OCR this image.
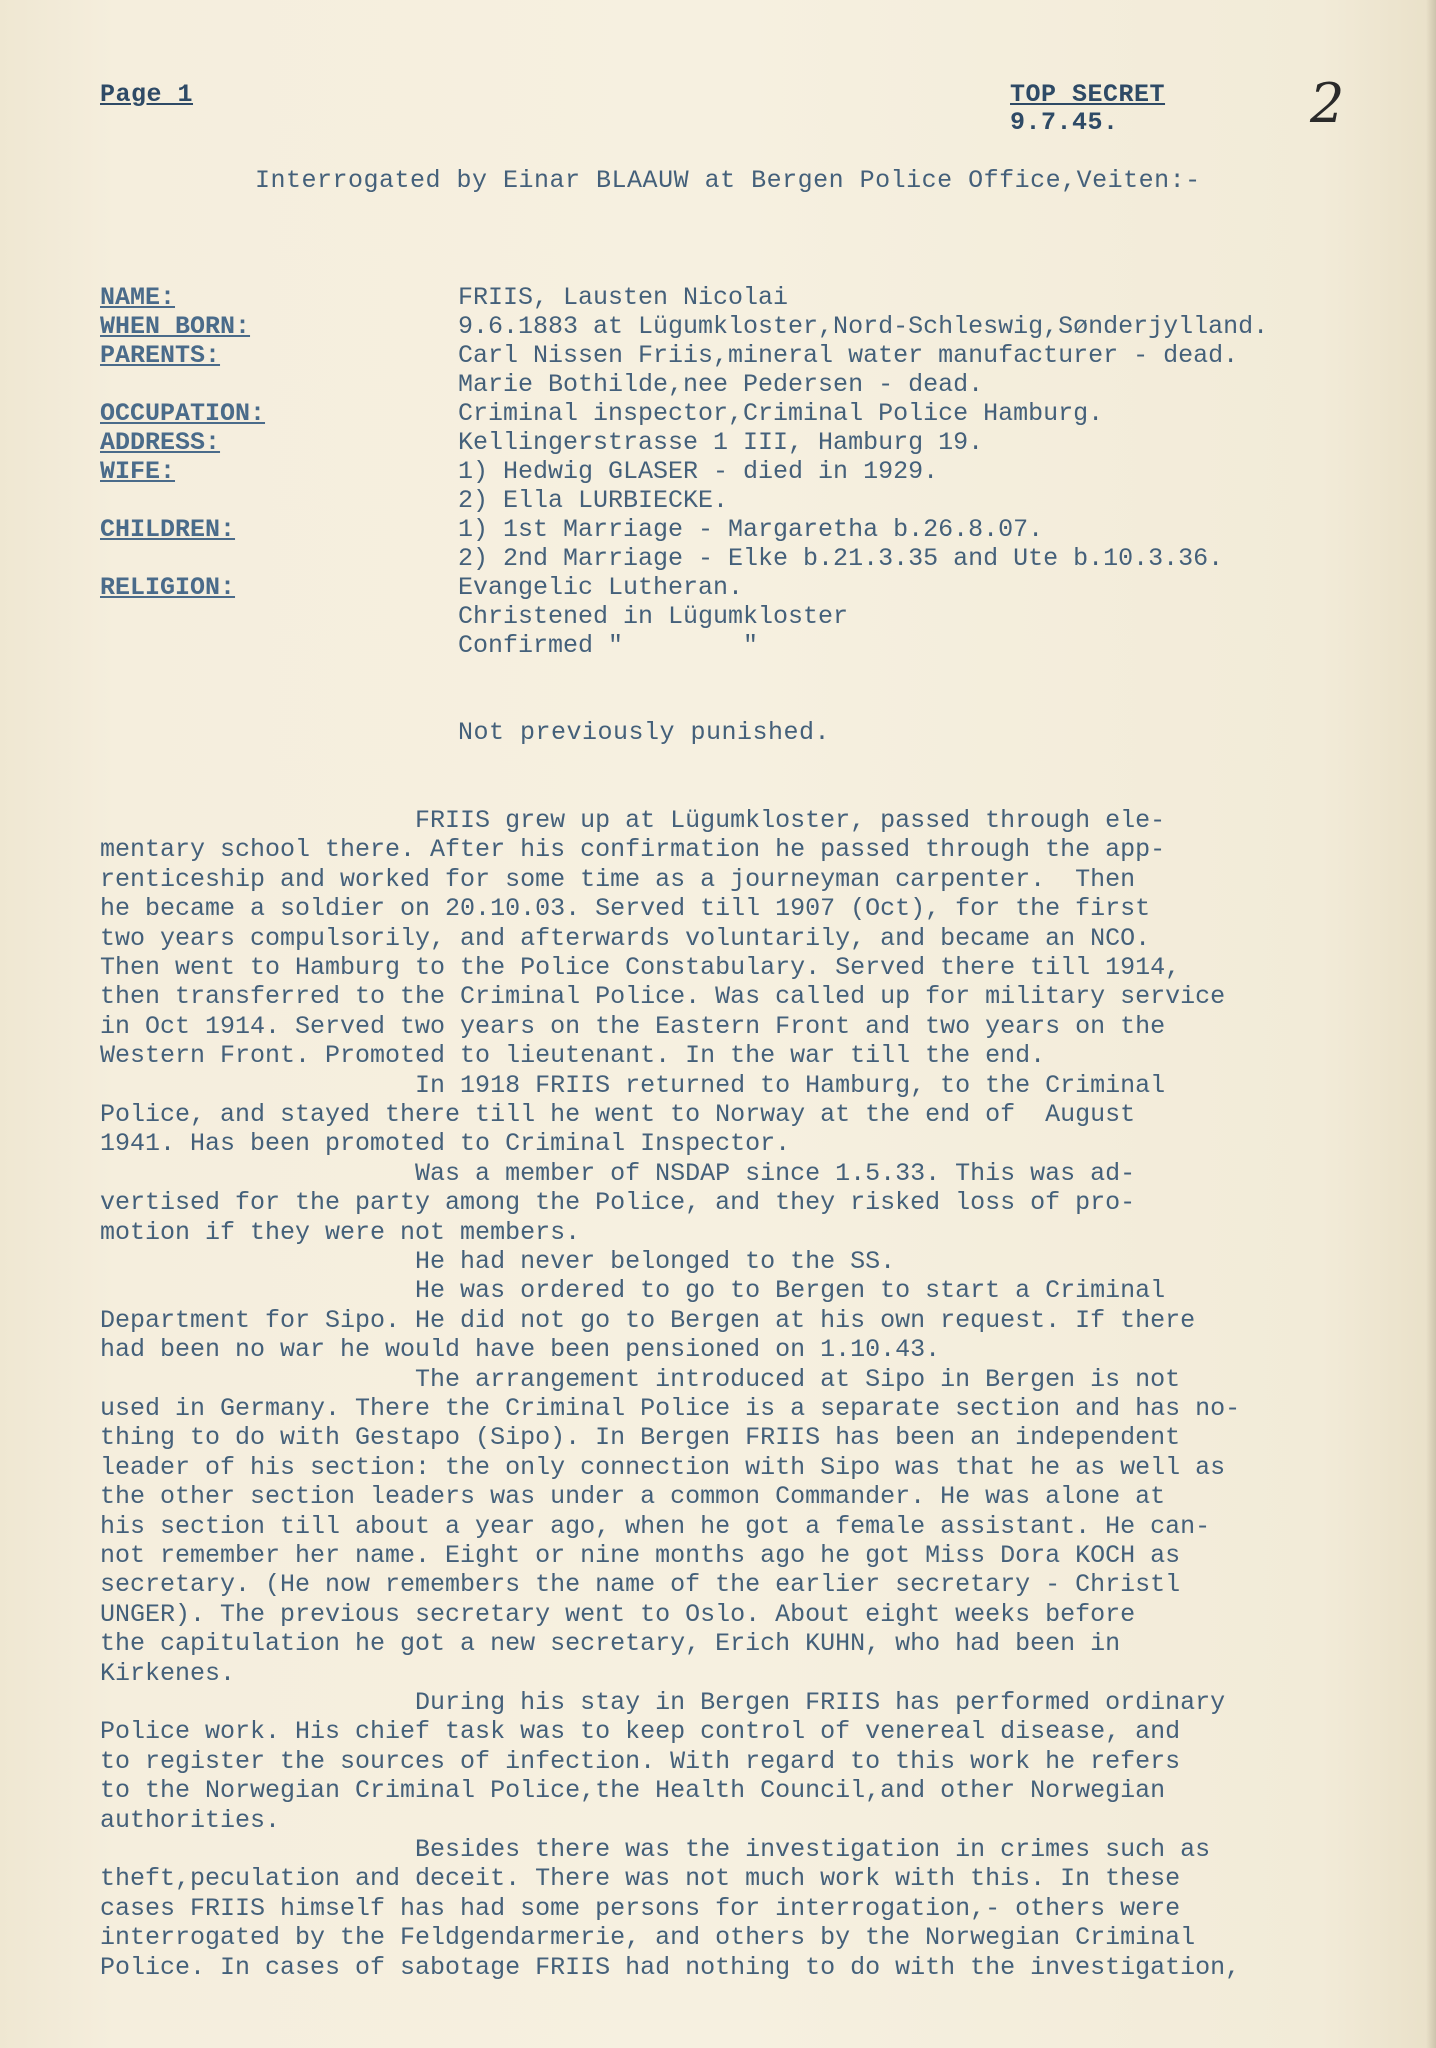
Page 1	TOP SECRET
9.7.45.	2
Interrogated by Einar BLAAUW at Bergen Police Office,Veiten:-
NAME:	FRIIS, Lausten Nicolai
WHEN BORN:	9.6.1883 at Lügumkloster,Nord-Schleswig,Sønderjylland.
PARENTS:	Carl Nissen Friis,mineral water manufacturer - dead.
Marie Bothilde,nee Pedersen - dead.
OCCUPATION:	Criminal inspector,Criminal Police Hamburg.
ADDRESS:	Kellingerstrasse 1 III, Hamburg 19.
WIFE:	1) Hedwig GLASER - died in 1929.
2) Ella LURBIECKE.
CHILDREN:	1) 1st Marriage - Margaretha b.26.8.07.
2) 2nd Marriage - Elke b.21.3.35 and Ute b.10.3.36.
RELIGION:	Evangelic Lutheran.
Christened in Lügumkloster
Confirmed "        "
Not previously punished.
FRIIS grew up at Lügumkloster, passed through ele-
mentary school there. After his confirmation he passed through the app-
renticeship and worked for some time as a journeyman carpenter.  Then
he became a soldier on 20.10.03. Served till 1907 (Oct), for the first
two years compulsorily, and afterwards voluntarily, and became an NCO.
Then went to Hamburg to the Police Constabulary. Served there till 1914,
then transferred to the Criminal Police. Was called up for military service
in Oct 1914. Served two years on the Eastern Front and two years on the
Western Front. Promoted to lieutenant. In the war till the end.
In 1918 FRIIS returned to Hamburg, to the Criminal
Police, and stayed there till he went to Norway at the end of  August
1941. Has been promoted to Criminal Inspector.
Was a member of NSDAP since 1.5.33. This was ad-
vertised for the party among the Police, and they risked loss of pro-
motion if they were not members.
He had never belonged to the SS.
He was ordered to go to Bergen to start a Criminal
Department for Sipo. He did not go to Bergen at his own request. If there
had been no war he would have been pensioned on 1.10.43.
The arrangement introduced at Sipo in Bergen is not
used in Germany. There the Criminal Police is a separate section and has no-
thing to do with Gestapo (Sipo). In Bergen FRIIS has been an independent
leader of his section: the only connection with Sipo was that he as well as
the other section leaders was under a common Commander. He was alone at
his section till about a year ago, when he got a female assistant. He can-
not remember her name. Eight or nine months ago he got Miss Dora KOCH as
secretary. (He now remembers the name of the earlier secretary - Christl
UNGER). The previous secretary went to Oslo. About eight weeks before
the capitulation he got a new secretary, Erich KUHN, who had been in
Kirkenes.
During his stay in Bergen FRIIS has performed ordinary
Police work. His chief task was to keep control of venereal disease, and
to register the sources of infection. With regard to this work he refers
to the Norwegian Criminal Police,the Health Council,and other Norwegian
authorities.
Besides there was the investigation in crimes such as
theft,peculation and deceit. There was not much work with this. In these
cases FRIIS himself has had some persons for interrogation,- others were
interrogated by the Feldgendarmerie, and others by the Norwegian Criminal
Police. In cases of sabotage FRIIS had nothing to do with the investigation,
